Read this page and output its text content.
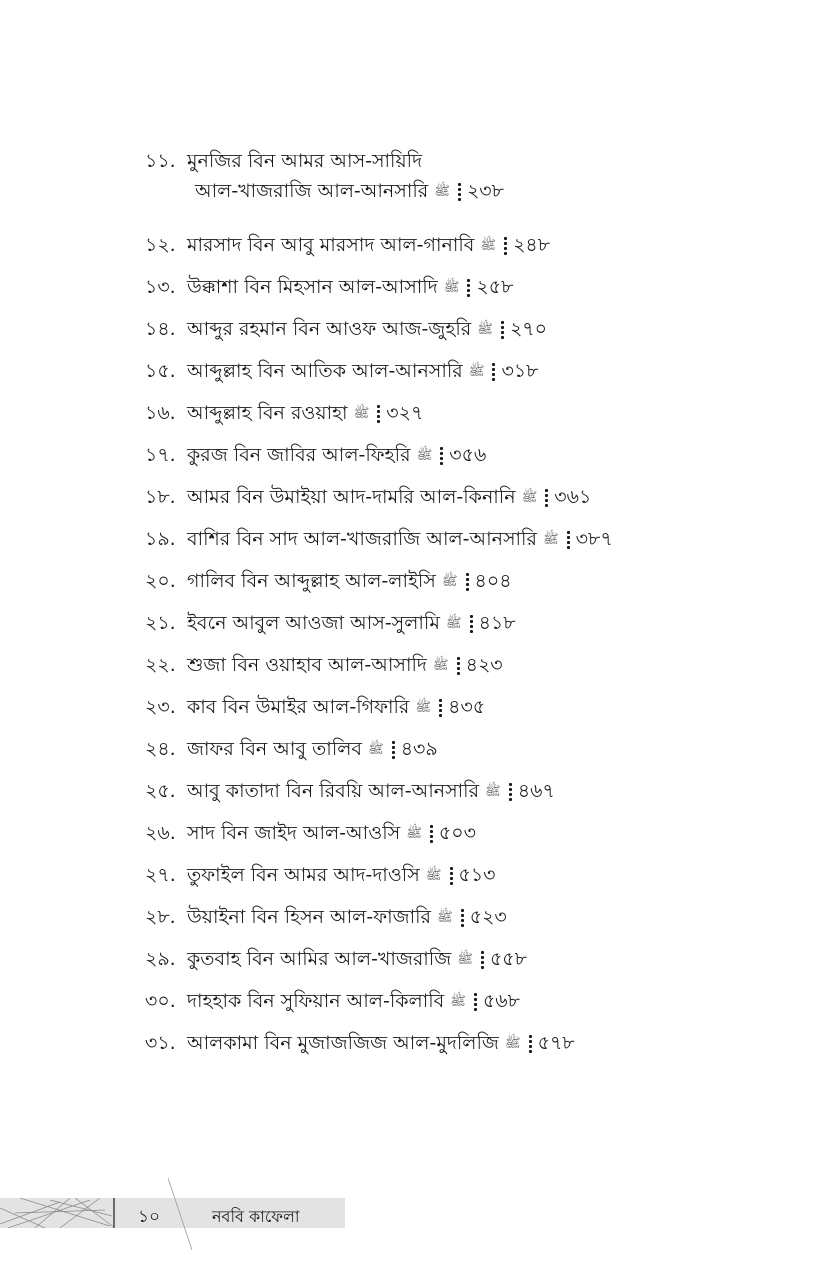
১১. মুনজির বিন আমর আস-সায়িদি
আল-খাজরাজি আল-আনসারি ﷺ ২৩৮
১২. মারসাদ বিন আবু মারসাদ আল-গানাবি ﷺ ২৪৮
১৩. উক্কাশা বিন মিহসান আল-আসাদি ﷺ ২৫৮
১৪. আব্দুর রহমান বিন আওফ আজ-জুহরি ﷺ ২৭০
১৫. আব্দুল্লাহ বিন আতিক আল-আনসারি ﷺ ৩১৮
১৬. আব্দুল্লাহ বিন রওয়াহা ﷺ ৩২৭
১৭. কুরজ বিন জাবির আল-ফিহরি ﷺ ৩৫৬
১৮. আমর বিন উমাইয়া আদ-দামরি আল-কিনানি ﷺ ৩৬১
১৯. বাশির বিন সাদ আল-খাজরাজি আল-আনসারি ﷺ ৩৮৭
২০. গালিব বিন আব্দুল্লাহ আল-লাইসি ﷺ ৪০৪
২১. ইবনে আবুল আওজা আস-সুলামি ﷺ ৪১৮
২২. শুজা বিন ওয়াহাব আল-আসাদি ﷺ ৪২৩
২৩. কাব বিন উমাইর আল-গিফারি ﷺ ৪৩৫
২৪. জাফর বিন আবু তালিব ﷺ ৪৩৯
২৫. আবু কাতাদা বিন রিবয়ি আল-আনসারি ﷺ ৪৬৭
২৬. সাদ বিন জাইদ আল-আওসি ﷺ ৫০৩
২৭. তুফাইল বিন আমর আদ-দাওসি ﷺ ৫১৩
২৮. উয়াইনা বিন হিসন আল-ফাজারি ﷺ ৫২৩
২৯. কুতবাহ বিন আমির আল-খাজরাজি ﷺ ৫৫৮
৩০. দাহহাক বিন সুফিয়ান আল-কিলাবি ﷺ ৫৬৮
৩১. আলকামা বিন মুজাজজিজ আল-মুদলিজি ﷺ ৫৭৮
১০	নববি কাফেলা
